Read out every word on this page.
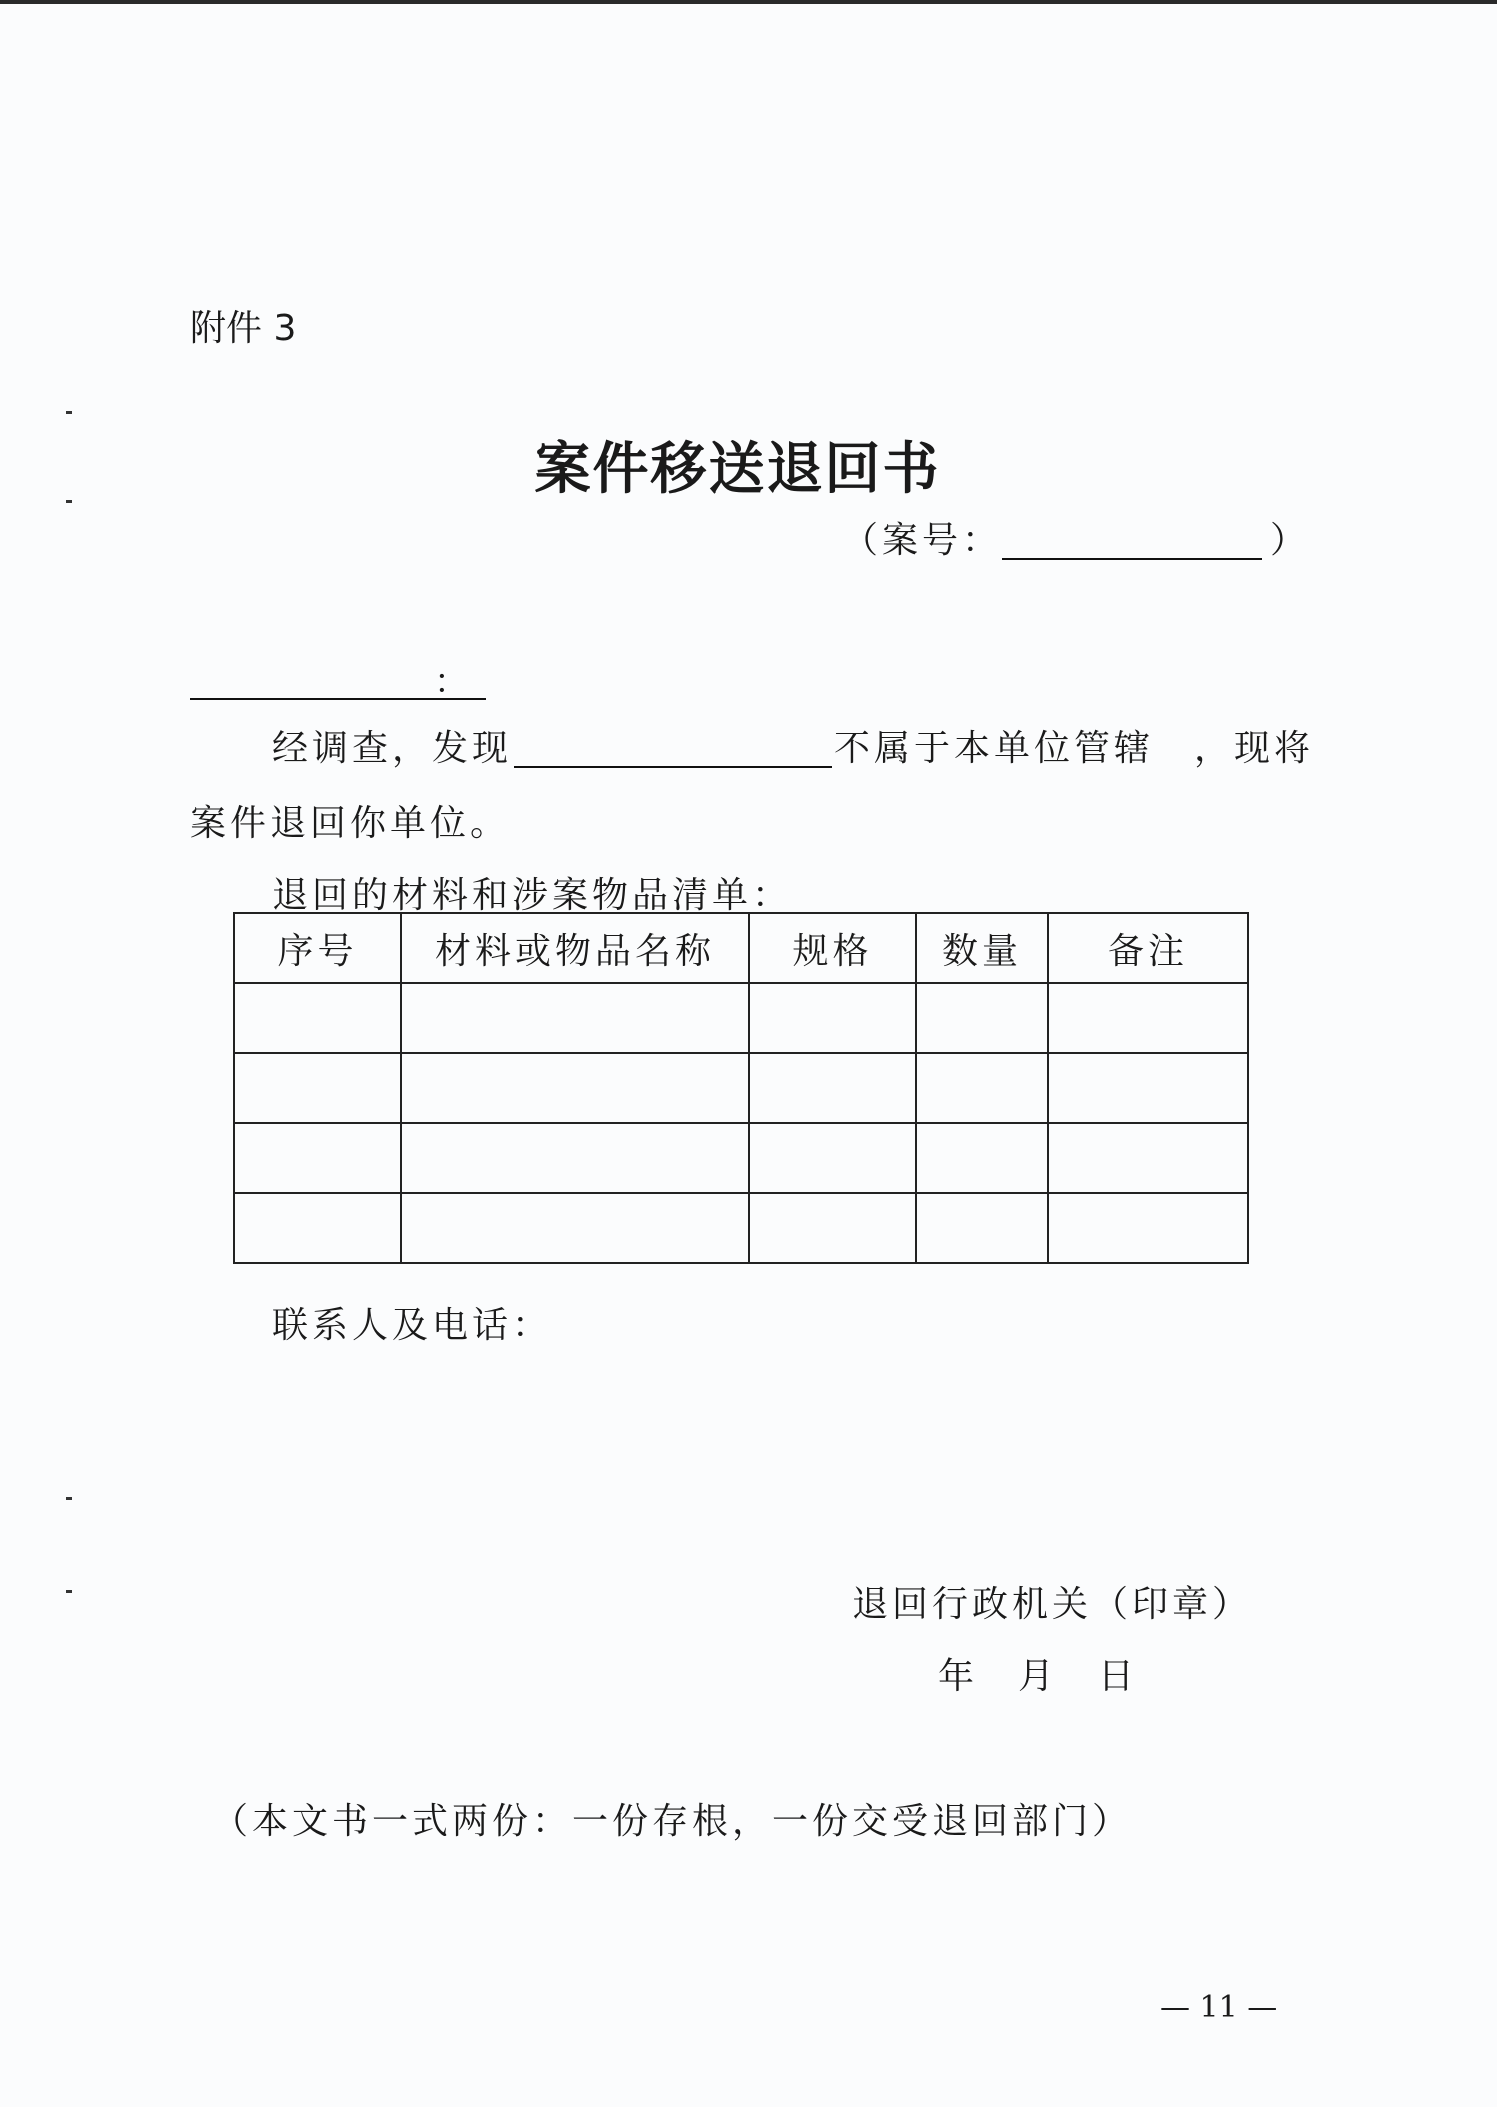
附件 3
案件移送退回书
（案号：	）
：
经调查，发现	不属于本单位管辖　，现将
案件退回你单位。
退回的材料和涉案物品清单：
序号	材料或物品名称	规格	数量	备注

联系人及电话：
退回行政机关（印章）
年 月 日
（本文书一式两份：一份存根，一份交受退回部门）
— 11 —
